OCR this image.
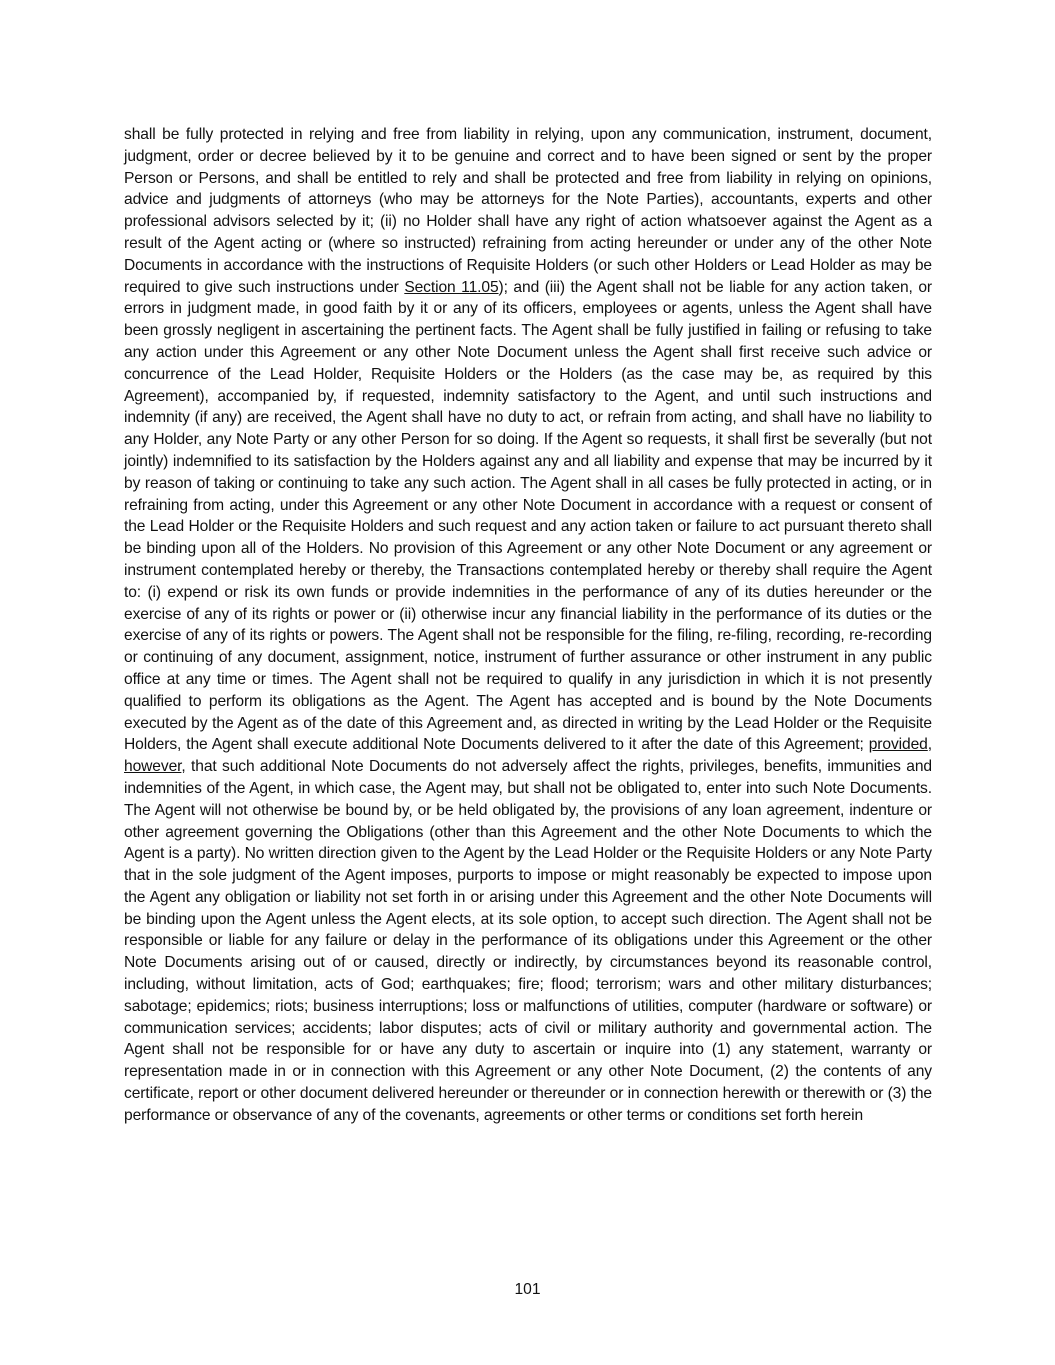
shall be fully protected in relying and free from liability in relying, upon any communication, instrument, document, judgment, order or decree believed by it to be genuine and correct and to have been signed or sent by the proper Person or Persons, and shall be entitled to rely and shall be protected and free from liability in relying on opinions, advice and judgments of attorneys (who may be attorneys for the Note Parties), accountants, experts and other professional advisors selected by it; (ii) no Holder shall have any right of action whatsoever against the Agent as a result of the Agent acting or (where so instructed) refraining from acting hereunder or under any of the other Note Documents in accordance with the instructions of Requisite Holders (or such other Holders or Lead Holder as may be required to give such instructions under Section 11.05); and (iii) the Agent shall not be liable for any action taken, or errors in judgment made, in good faith by it or any of its officers, employees or agents, unless the Agent shall have been grossly negligent in ascertaining the pertinent facts. The Agent shall be fully justified in failing or refusing to take any action under this Agreement or any other Note Document unless the Agent shall first receive such advice or concurrence of the Lead Holder, Requisite Holders or the Holders (as the case may be, as required by this Agreement), accompanied by, if requested, indemnity satisfactory to the Agent, and until such instructions and indemnity (if any) are received, the Agent shall have no duty to act, or refrain from acting, and shall have no liability to any Holder, any Note Party or any other Person for so doing. If the Agent so requests, it shall first be severally (but not jointly) indemnified to its satisfaction by the Holders against any and all liability and expense that may be incurred by it by reason of taking or continuing to take any such action. The Agent shall in all cases be fully protected in acting, or in refraining from acting, under this Agreement or any other Note Document in accordance with a request or consent of the Lead Holder or the Requisite Holders and such request and any action taken or failure to act pursuant thereto shall be binding upon all of the Holders. No provision of this Agreement or any other Note Document or any agreement or instrument contemplated hereby or thereby, the Transactions contemplated hereby or thereby shall require the Agent to: (i) expend or risk its own funds or provide indemnities in the performance of any of its duties hereunder or the exercise of any of its rights or power or (ii) otherwise incur any financial liability in the performance of its duties or the exercise of any of its rights or powers. The Agent shall not be responsible for the filing, re-filing, recording, re-recording or continuing of any document, assignment, notice, instrument of further assurance or other instrument in any public office at any time or times. The Agent shall not be required to qualify in any jurisdiction in which it is not presently qualified to perform its obligations as the Agent. The Agent has accepted and is bound by the Note Documents executed by the Agent as of the date of this Agreement and, as directed in writing by the Lead Holder or the Requisite Holders, the Agent shall execute additional Note Documents delivered to it after the date of this Agreement; provided, however, that such additional Note Documents do not adversely affect the rights, privileges, benefits, immunities and indemnities of the Agent, in which case, the Agent may, but shall not be obligated to, enter into such Note Documents. The Agent will not otherwise be bound by, or be held obligated by, the provisions of any loan agreement, indenture or other agreement governing the Obligations (other than this Agreement and the other Note Documents to which the Agent is a party). No written direction given to the Agent by the Lead Holder or the Requisite Holders or any Note Party that in the sole judgment of the Agent imposes, purports to impose or might reasonably be expected to impose upon the Agent any obligation or liability not set forth in or arising under this Agreement and the other Note Documents will be binding upon the Agent unless the Agent elects, at its sole option, to accept such direction. The Agent shall not be responsible or liable for any failure or delay in the performance of its obligations under this Agreement or the other Note Documents arising out of or caused, directly or indirectly, by circumstances beyond its reasonable control, including, without limitation, acts of God; earthquakes; fire; flood; terrorism; wars and other military disturbances; sabotage; epidemics; riots; business interruptions; loss or malfunctions of utilities, computer (hardware or software) or communication services; accidents; labor disputes; acts of civil or military authority and governmental action. The Agent shall not be responsible for or have any duty to ascertain or inquire into (1) any statement, warranty or representation made in or in connection with this Agreement or any other Note Document, (2) the contents of any certificate, report or other document delivered hereunder or thereunder or in connection herewith or therewith or (3) the performance or observance of any of the covenants, agreements or other terms or conditions set forth herein

101
